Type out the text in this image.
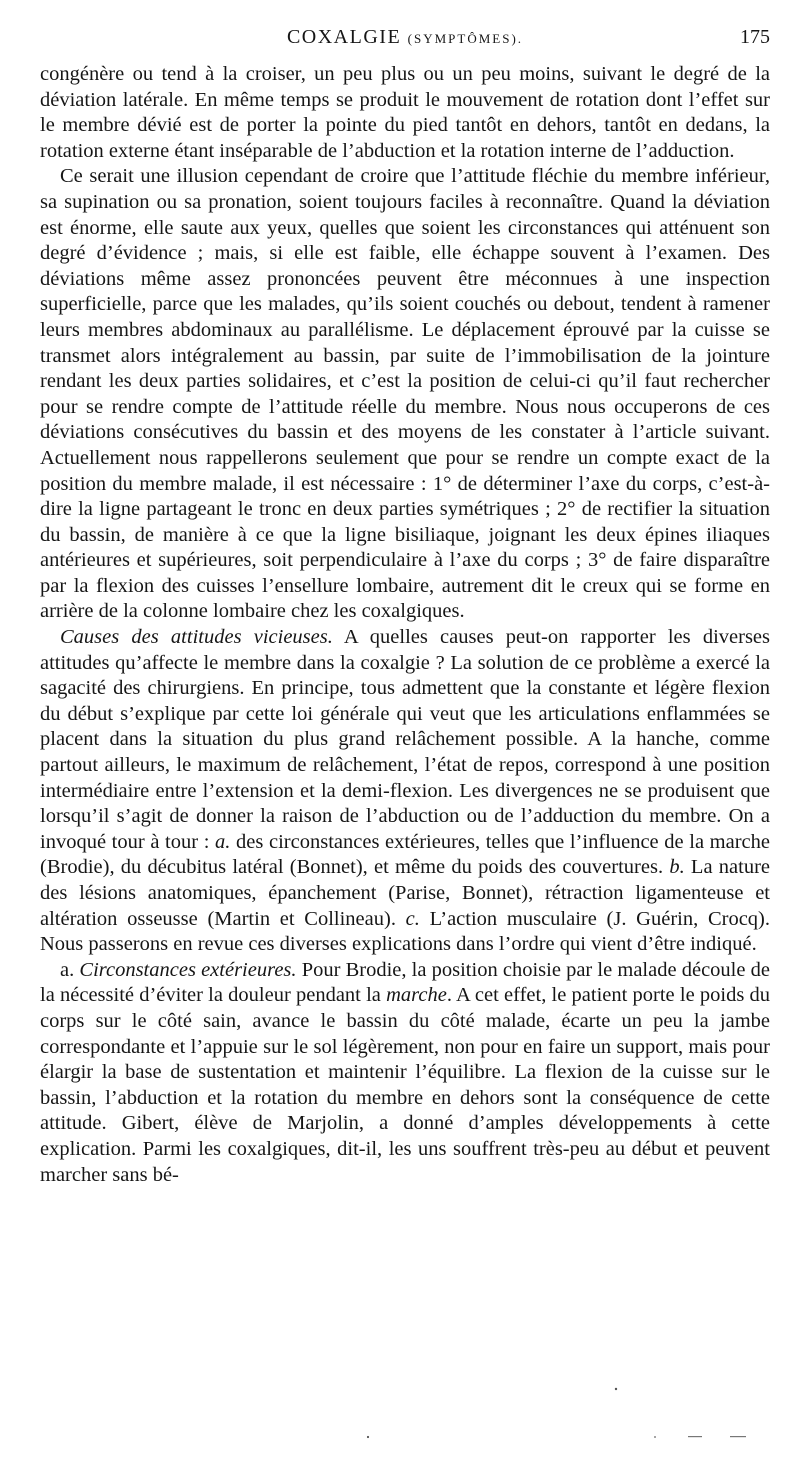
COXALGIE (SYMPTÔMES).	175

congénère ou tend à la croiser, un peu plus ou un peu moins, suivant le degré de la déviation latérale. En même temps se produit le mouvement de rotation dont l’effet sur le membre dévié est de porter la pointe du pied tantôt en dehors, tantôt en dedans, la rotation externe étant inséparable de l’abduction et la rotation interne de l’adduction.

Ce serait une illusion cependant de croire que l’attitude fléchie du membre inférieur, sa supination ou sa pronation, soient toujours faciles à reconnaître. Quand la déviation est énorme, elle saute aux yeux, quelles que soient les circonstances qui atténuent son degré d’évidence ; mais, si elle est faible, elle échappe souvent à l’examen. Des déviations même assez prononcées peuvent être méconnues à une inspection superficielle, parce que les malades, qu’ils soient couchés ou debout, tendent à ramener leurs membres abdominaux au parallélisme. Le déplacement éprouvé par la cuisse se transmet alors intégralement au bassin, par suite de l’immobilisation de la jointure rendant les deux parties solidaires, et c’est la position de celui-ci qu’il faut rechercher pour se rendre compte de l’attitude réelle du membre. Nous nous occuperons de ces déviations consécutives du bassin et des moyens de les constater à l’article suivant. Actuellement nous rappellerons seulement que pour se rendre un compte exact de la position du membre malade, il est nécessaire : 1° de déterminer l’axe du corps, c’est-à-dire la ligne partageant le tronc en deux parties symétriques ; 2° de rectifier la situation du bassin, de manière à ce que la ligne bisiliaque, joignant les deux épines iliaques antérieures et supérieures, soit perpendiculaire à l’axe du corps ; 3° de faire disparaître par la flexion des cuisses l’ensellure lombaire, autrement dit le creux qui se forme en arrière de la colonne lombaire chez les coxalgiques.

Causes des attitudes vicieuses. A quelles causes peut-on rapporter les diverses attitudes qu’affecte le membre dans la coxalgie ? La solution de ce problème a exercé la sagacité des chirurgiens. En principe, tous admettent que la constante et légère flexion du début s’explique par cette loi générale qui veut que les articulations enflammées se placent dans la situation du plus grand relâchement possible. A la hanche, comme partout ailleurs, le maximum de relâchement, l’état de repos, correspond à une position intermédiaire entre l’extension et la demi-flexion. Les divergences ne se produisent que lorsqu’il s’agit de donner la raison de l’abduction ou de l’adduction du membre. On a invoqué tour à tour : a. des circonstances extérieures, telles que l’influence de la marche (Brodie), du décubitus latéral (Bonnet), et même du poids des couvertures. b. La nature des lésions anatomiques, épanchement (Parise, Bonnet), rétraction ligamenteuse et altération osseusse (Martin et Collineau). c. L’action musculaire (J. Guérin, Crocq). Nous passerons en revue ces diverses explications dans l’ordre qui vient d’être indiqué.

a. Circonstances extérieures. Pour Brodie, la position choisie par le malade découle de la nécessité d’éviter la douleur pendant la marche. A cet effet, le patient porte le poids du corps sur le côté sain, avance le bassin du côté malade, écarte un peu la jambe correspondante et l’appuie sur le sol légèrement, non pour en faire un support, mais pour élargir la base de sustentation et maintenir l’équilibre. La flexion de la cuisse sur le bassin, l’abduction et la rotation du membre en dehors sont la conséquence de cette attitude. Gibert, élève de Marjolin, a donné d’amples développements à cette explication. Parmi les coxalgiques, dit-il, les uns souffrent très-peu au début et peuvent marcher sans bé-
